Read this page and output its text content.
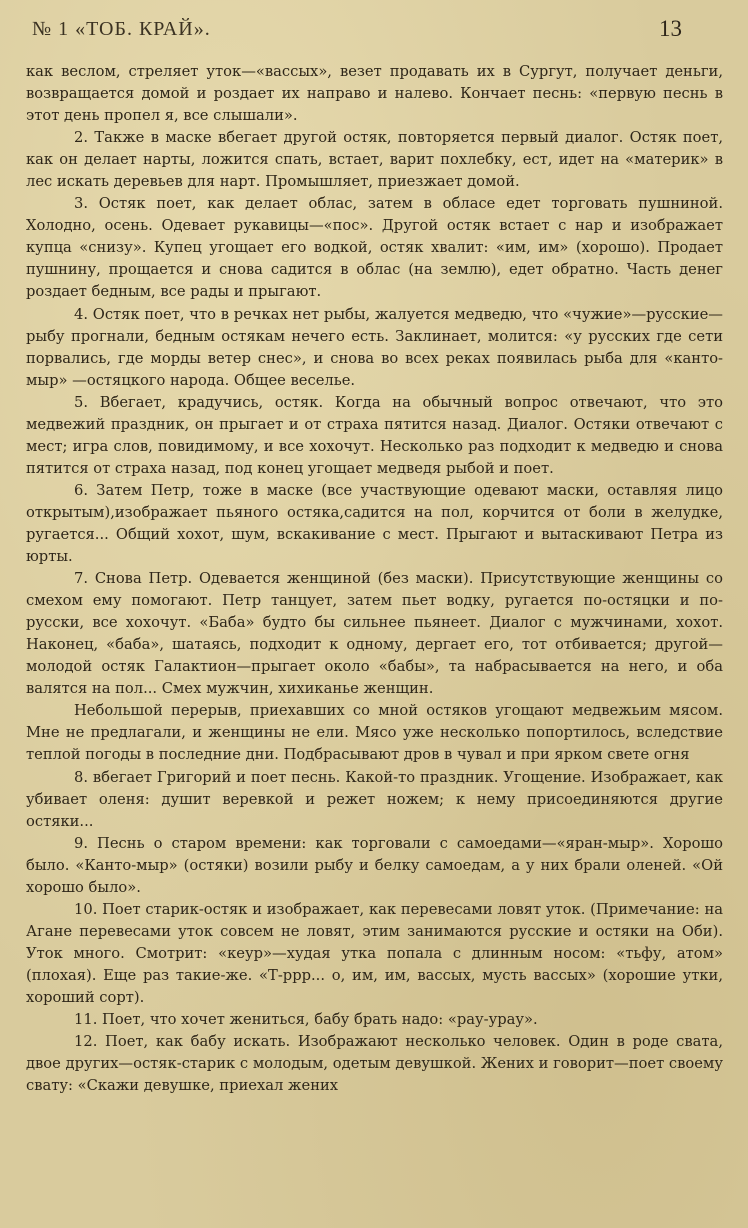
№ 1 «ТОБ. КРАЙ».	13

как веслом, стреляет уток—«вассых», везет продавать их в Сургут, получает деньги, возвращается домой и роздает их направо и налево. Кончает песнь: «первую песнь в этот день пропел я, все слышали».

2. Также в маске вбегает другой остяк, повторяется первый диалог. Остяк поет, как он делает нарты, ложится спать, встает, варит похлебку, ест, идет на «материк» в лес искать деревьев для нарт. Промышляет, приезжает домой.

3. Остяк поет, как делает облас, затем в обласе едет торговать пушниной. Холодно, осень. Одевает рукавицы—«пос». Другой остяк встает с нар и изображает купца «снизу». Купец угощает его водкой, остяк хвалит: «им, им» (хорошо). Продает пушнину, прощается и снова садится в облас (на землю), едет обратно. Часть денег роздает бедным, все рады и прыгают.

4. Остяк поет, что в речках нет рыбы, жалуется медведю, что «чужие»—русские—рыбу прогнали, бедным остякам нечего есть. Заклинает, молится: «у русских где сети порвались, где морды ветер снес», и снова во всех реках появилась рыба для «канто-мыр» —остяцкого народа. Общее веселье.

5. Вбегает, крадучись, остяк. Когда на обычный вопрос отвечают, что это медвежий праздник, он прыгает и от страха пятится назад. Диалог. Остяки отвечают с мест; игра слов, повидимому, и все хохочут. Несколько раз подходит к медведю и снова пятится от страха назад, под конец угощает медведя рыбой и поет.

6. Затем Петр, тоже в маске (все участвующие одевают маски, оставляя лицо открытым),изображает пьяного остяка,садится на пол, корчится от боли в желудке, ругается... Общий хохот, шум, вскакивание с мест. Прыгают и вытаскивают Петра из юрты.

7. Снова Петр. Одевается женщиной (без маски). Присутствующие женщины со смехом ему помогают. Петр танцует, затем пьет водку, ругается по-остяцки и по-русски, все хохочут. «Баба» будто бы сильнее пьянеет. Диалог с мужчинами, хохот. Наконец, «баба», шатаясь, подходит к одному, дергает его, тот отбивается; другой—молодой остяк Галактион—прыгает около «бабы», та набрасывается на него, и оба валятся на пол... Смех мужчин, хихиканье женщин.

Небольшой перерыв, приехавших со мной остяков угощают медвежьим мясом. Мне не предлагали, и женщины не ели. Мясо уже несколько попортилось, вследствие теплой погоды в последние дни. Подбрасывают дров в чувал и при ярком свете огня

8. вбегает Григорий и поет песнь. Какой-то праздник. Угощение. Изображает, как убивает оленя: душит веревкой и режет ножем; к нему присоединяются другие остяки...

9. Песнь о старом времени: как торговали с самоедами—«яран-мыр». Хорошо было. «Канто-мыр» (остяки) возили рыбу и белку самоедам, а у них брали оленей. «Ой хорошо было».

10. Поет старик-остяк и изображает, как перевесами ловят уток. (Примечание: на Агане перевесами уток совсем не ловят, этим занимаются русские и остяки на Оби). Уток много. Смотрит: «кеур»—худая утка попала с длинным носом: «тьфу, атом» (плохая). Еще раз такие-же. «Т-ррр... о, им, им, вассых, мусть вассых» (хорошие утки, хороший сорт).

11. Поет, что хочет жениться, бабу брать надо: «рау-урау».

12. Поет, как бабу искать. Изображают несколько человек. Один в роде свата, двое других—остяк-старик с молодым, одетым девушкой. Жених и говорит—поет своему свату: «Скажи девушке, приехал жених
